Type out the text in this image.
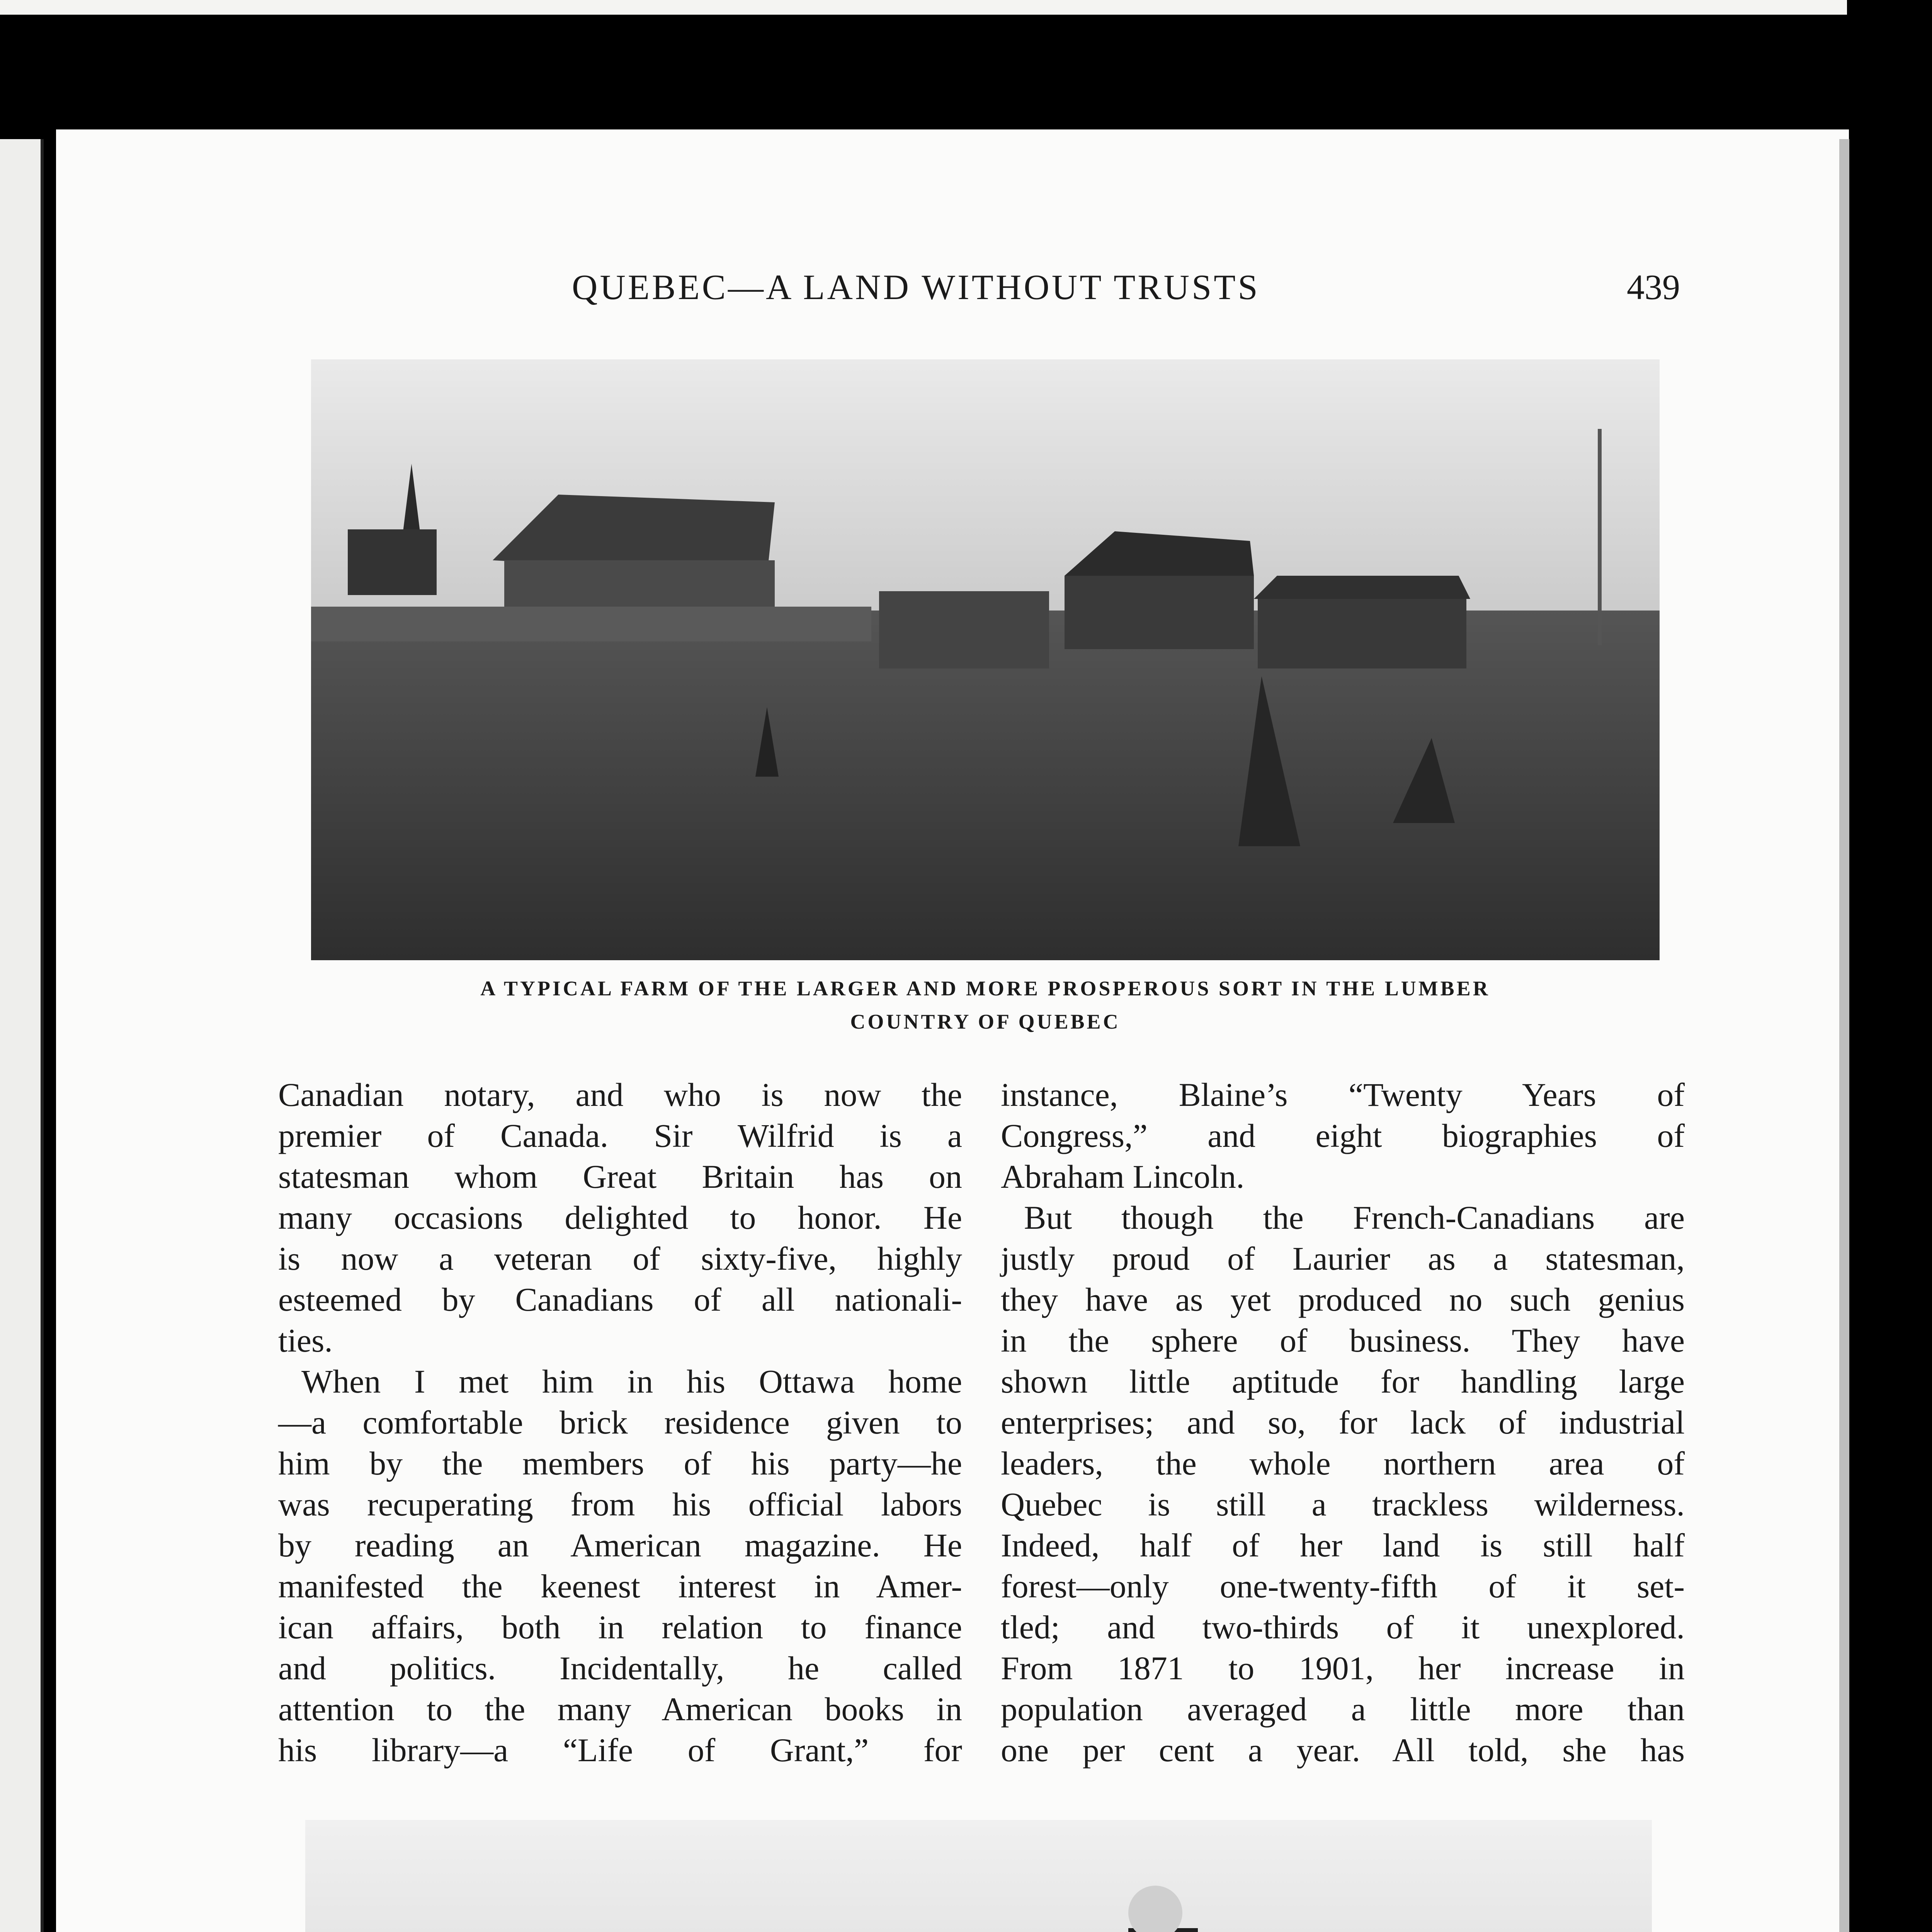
QUEBEC—A LAND WITHOUT TRUSTS	439
A TYPICAL FARM OF THE LARGER AND MORE PROSPEROUS SORT IN THE LUMBER
COUNTRY OF QUEBEC
Canadian notary, and who is now the
premier of Canada. Sir Wilfrid is a
statesman whom Great Britain has on
many occasions delighted to honor. He
is now a veteran of sixty-five, highly
esteemed by Canadians of all nationali-
ties.
When I met him in his Ottawa home
—a comfortable brick residence given to
him by the members of his party—he
was recuperating from his official labors
by reading an American magazine. He
manifested the keenest interest in Amer-
ican affairs, both in relation to finance
and politics. Incidentally, he called
attention to the many American books in
his library—a “Life of Grant,” for
instance, Blaine’s “Twenty Years of
Congress,” and eight biographies of
Abraham Lincoln.
But though the French-Canadians are
justly proud of Laurier as a statesman,
they have as yet produced no such genius
in the sphere of business. They have
shown little aptitude for handling large
enterprises; and so, for lack of industrial
leaders, the whole northern area of
Quebec is still a trackless wilderness.
Indeed, half of her land is still half
forest—only one-twenty-fifth of it set-
tled; and two-thirds of it unexplored.
From 1871 to 1901, her increase in
population averaged a little more than
one per cent a year. All told, she has
